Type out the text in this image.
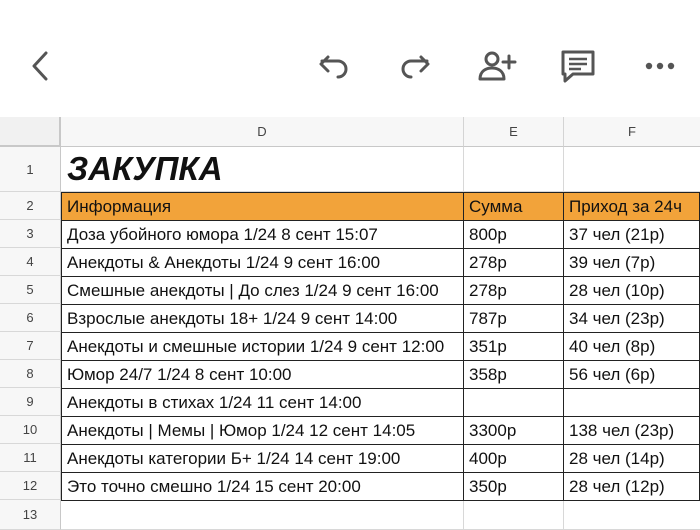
D	E	F
1
2
3
4
5
6
7
8
9
10
11
12
13
ЗАКУПКА
Информация	Сумма	Приход за 24ч
Доза убойного юмора 1/24 8 сент 15:07	800р	37 чел (21р)
Анекдоты & Анекдоты 1/24 9 сент 16:00	278р	39 чел (7р)
Смешные анекдоты | До слез 1/24 9 сент 16:00	278р	28 чел (10р)
Взрослые анекдоты 18+ 1/24 9 сент 14:00	787р	34 чел (23р)
Анекдоты и смешные истории 1/24 9 сент 12:00	351р	40 чел (8р)
Юмор 24/7 1/24 8 сент 10:00	358р	56 чел (6р)
Анекдоты в стихах 1/24 11 сент 14:00
Анекдоты | Мемы | Юмор 1/24 12 сент 14:05	3300р	138 чел (23р)
Анекдоты категории Б+ 1/24 14 сент 19:00	400р	28 чел (14р)
Это точно смешно 1/24 15 сент 20:00	350р	28 чел (12р)
